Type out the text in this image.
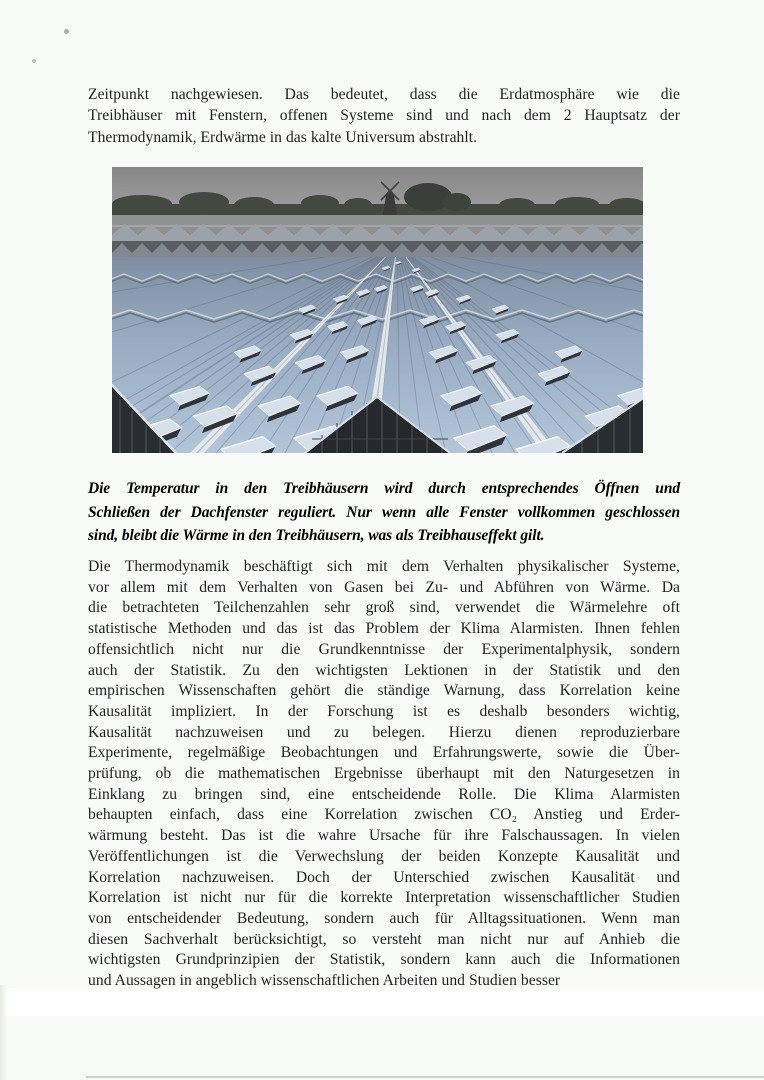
Zeitpunkt nachgewiesen. Das bedeutet, dass die Erdatmosphäre wie die
Treibhäuser mit Fenstern, offenen Systeme sind und nach dem 2 Hauptsatz der
Thermodynamik, Erdwärme in das kalte Universum abstrahlt.
Die Temperatur in den Treibhäusern wird durch entsprechendes Öffnen und
Schließen der Dachfenster reguliert. Nur wenn alle Fenster vollkommen geschlossen
sind, bleibt die Wärme in den Treibhäusern, was als Treibhauseffekt gilt.
Die Thermodynamik beschäftigt sich mit dem Verhalten physikalischer Systeme,
vor allem mit dem Verhalten von Gasen bei Zu- und Abführen von Wärme. Da
die betrachteten Teilchenzahlen sehr groß sind, verwendet die Wärmelehre oft
statistische Methoden und das ist das Problem der Klima Alarmisten. Ihnen fehlen
offensichtlich nicht nur die Grundkenntnisse der Experimentalphysik, sondern
auch der Statistik. Zu den wichtigsten Lektionen in der Statistik und den
empirischen Wissenschaften gehört die ständige Warnung, dass Korrelation keine
Kausalität impliziert. In der Forschung ist es deshalb besonders wichtig,
Kausalität nachzuweisen und zu belegen. Hierzu dienen reproduzierbare
Experimente, regelmäßige Beobachtungen und Erfahrungswerte, sowie die Über-
prüfung, ob die mathematischen Ergebnisse überhaupt mit den Naturgesetzen in
Einklang zu bringen sind, eine entscheidende Rolle. Die Klima Alarmisten
behaupten einfach, dass eine Korrelation zwischen CO₂ Anstieg und Erder-
wärmung besteht. Das ist die wahre Ursache für ihre Falschaussagen. In vielen
Veröffentlichungen ist die Verwechslung der beiden Konzepte Kausalität und
Korrelation nachzuweisen. Doch der Unterschied zwischen Kausalität und
Korrelation ist nicht nur für die korrekte Interpretation wissenschaftlicher Studien
von entscheidender Bedeutung, sondern auch für Alltagssituationen. Wenn man
diesen Sachverhalt berücksichtigt, so versteht man nicht nur auf Anhieb die
wichtigsten Grundprinzipien der Statistik, sondern kann auch die Informationen
und Aussagen in angeblich wissenschaftlichen Arbeiten und Studien besser
